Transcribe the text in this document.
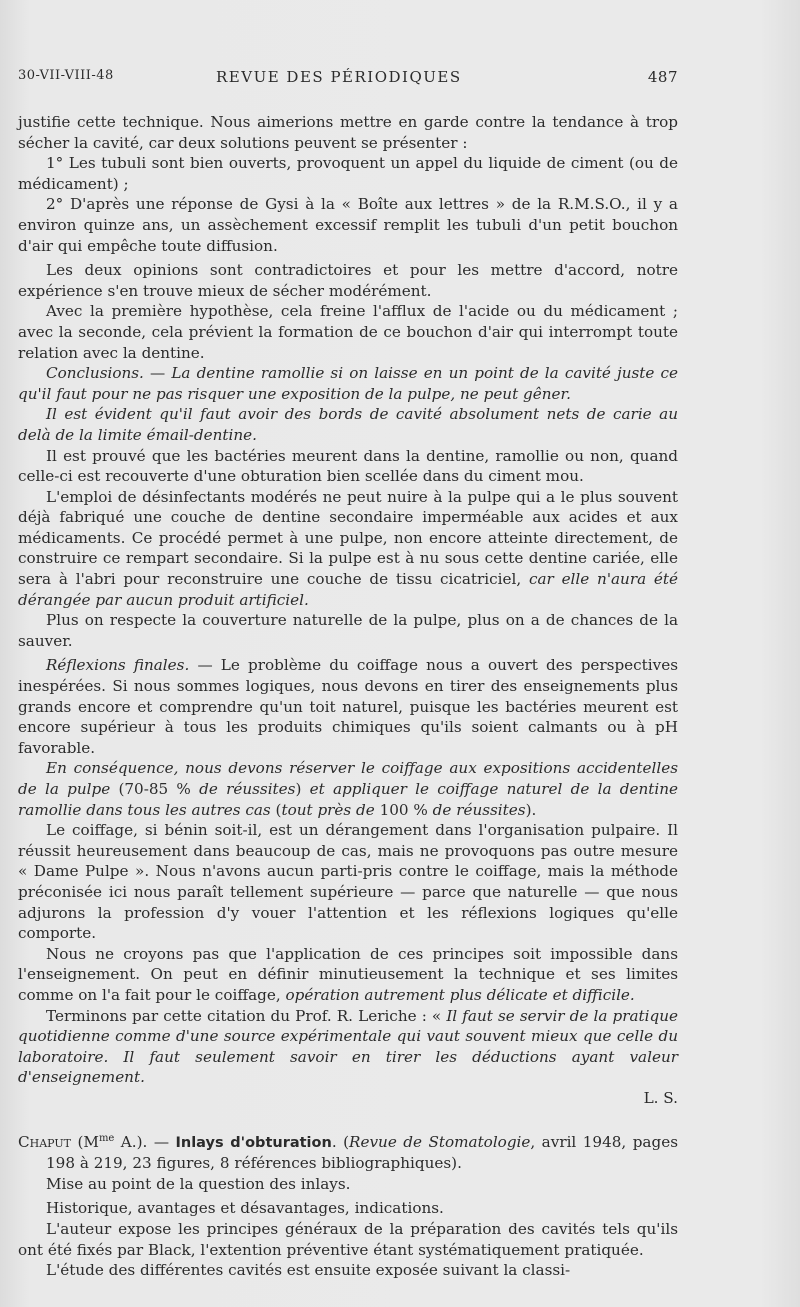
30-VII-VIII-48	REVUE DES PÉRIODIQUES	487

justifie cette technique. Nous aimerions mettre en garde contre la tendance à trop sécher la cavité, car deux solutions peuvent se présenter :

1° Les tubuli sont bien ouverts, provoquent un appel du liquide de ciment (ou de médicament) ;

2° D'après une réponse de Gysi à la « Boîte aux lettres » de la R.M.S.O., il y a environ quinze ans, un assèchement excessif remplit les tubuli d'un petit bouchon d'air qui empêche toute diffusion.

Les deux opinions sont contradictoires et pour les mettre d'accord, notre expérience s'en trouve mieux de sécher modérément.

Avec la première hypothèse, cela freine l'afflux de l'acide ou du médicament ; avec la seconde, cela prévient la formation de ce bouchon d'air qui interrompt toute relation avec la dentine.

Conclusions. — La dentine ramollie si on laisse en un point de la cavité juste ce qu'il faut pour ne pas risquer une exposition de la pulpe, ne peut gêner.

Il est évident qu'il faut avoir des bords de cavité absolument nets de carie au delà de la limite émail-dentine.

Il est prouvé que les bactéries meurent dans la dentine, ramollie ou non, quand celle-ci est recouverte d'une obturation bien scellée dans du ciment mou.

L'emploi de désinfectants modérés ne peut nuire à la pulpe qui a le plus souvent déjà fabriqué une couche de dentine secondaire imperméable aux acides et aux médicaments. Ce procédé permet à une pulpe, non encore atteinte directement, de construire ce rempart secondaire. Si la pulpe est à nu sous cette dentine cariée, elle sera à l'abri pour reconstruire une couche de tissu cicatriciel, car elle n'aura été dérangée par aucun produit artificiel.

Plus on respecte la couverture naturelle de la pulpe, plus on a de chances de la sauver.

Réflexions finales. — Le problème du coiffage nous a ouvert des perspectives inespérées. Si nous sommes logiques, nous devons en tirer des enseignements plus grands encore et comprendre qu'un toit naturel, puisque les bactéries meurent est encore supérieur à tous les produits chimiques qu'ils soient calmants ou à pH favorable.

En conséquence, nous devons réserver le coiffage aux expositions accidentelles de la pulpe (70-85 % de réussites) et appliquer le coiffage naturel de la dentine ramollie dans tous les autres cas (tout près de 100 % de réussites).

Le coiffage, si bénin soit-il, est un dérangement dans l'organisation pulpaire. Il réussit heureusement dans beaucoup de cas, mais ne provoquons pas outre mesure « Dame Pulpe ». Nous n'avons aucun parti-pris contre le coiffage, mais la méthode préconisée ici nous paraît tellement supérieure — parce que naturelle — que nous adjurons la profession d'y vouer l'attention et les réflexions logiques qu'elle comporte.

Nous ne croyons pas que l'application de ces principes soit impossible dans l'enseignement. On peut en définir minutieusement la technique et ses limites comme on l'a fait pour le coiffage, opération autrement plus délicate et difficile.

Terminons par cette citation du Prof. R. Leriche : « Il faut se servir de la pratique quotidienne comme d'une source expérimentale qui vaut souvent mieux que celle du laboratoire. Il faut seulement savoir en tirer les déductions ayant valeur d'enseignement.

L. S.

Chaput ($M^{me}$ A.). — Inlays d'obturation. (Revue de Stomatologie, avril 1948, pages 198 à 219, 23 figures, 8 références bibliographiques).

Mise au point de la question des inlays.

Historique, avantages et désavantages, indications.

L'auteur expose les principes généraux de la préparation des cavités tels qu'ils ont été fixés par Black, l'extention préventive étant systématiquement pratiquée.

L'étude des différentes cavités est ensuite exposée suivant la classi-
